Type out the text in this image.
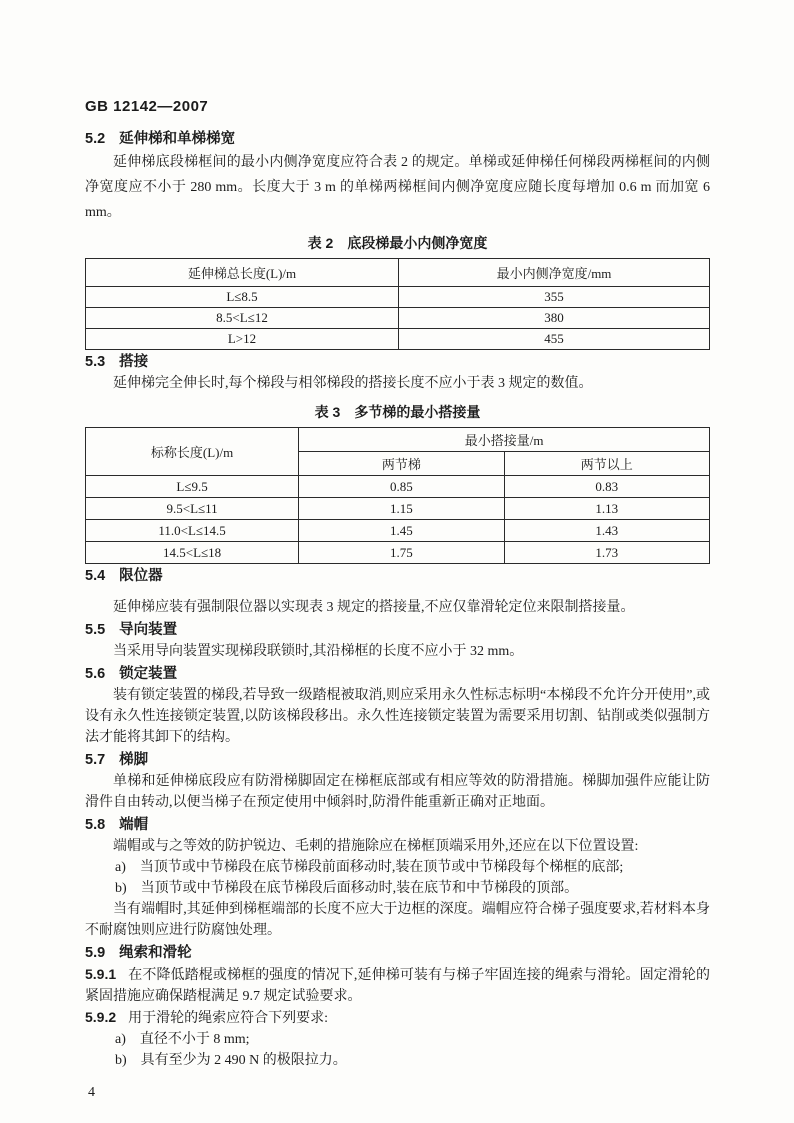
GB 12142—2007
5.2 延伸梯和单梯梯宽

延伸梯底段梯框间的最小内侧净宽度应符合表 2 的规定。单梯或延伸梯任何梯段两梯框间的内侧净宽度应不小于 280 mm。长度大于 3 m 的单梯两梯框间内侧净宽度应随长度每增加 0.6 m 而加宽 6 mm。

表 2　底段梯最小内侧净宽度
延伸梯总长度(L)/m	最小内侧净宽度/mm
L≤8.5	355
8.5<L≤12	380
L>12	455
5.3 搭接

延伸梯完全伸长时,每个梯段与相邻梯段的搭接长度不应小于表 3 规定的数值。

表 3　多节梯的最小搭接量
标称长度(L)/m	最小搭接量/m	
	两节梯	两节以上
L≤9.5	0.85	0.83
9.5<L≤11	1.15	1.13
11.0<L≤14.5	1.45	1.43
14.5<L≤18	1.75	1.73
5.4 限位器

延伸梯应装有强制限位器以实现表 3 规定的搭接量,不应仅靠滑轮定位来限制搭接量。

5.5 导向装置

当采用导向装置实现梯段联锁时,其沿梯框的长度不应小于 32 mm。

5.6 锁定装置

装有锁定装置的梯段,若导致一级踏棍被取消,则应采用永久性标志标明“本梯段不允许分开使用”,或设有永久性连接锁定装置,以防该梯段移出。永久性连接锁定装置为需要采用切割、钻削或类似强制方法才能将其卸下的结构。

5.7 梯脚

单梯和延伸梯底段应有防滑梯脚固定在梯框底部或有相应等效的防滑措施。梯脚加强件应能让防滑件自由转动,以便当梯子在预定使用中倾斜时,防滑件能重新正确对正地面。

5.8 端帽

端帽或与之等效的防护锐边、毛刺的措施除应在梯框顶端采用外,还应在以下位置设置:

a) 当顶节或中节梯段在底节梯段前面移动时,装在顶节或中节梯段每个梯框的底部;
b) 当顶节或中节梯段在底节梯段后面移动时,装在底节和中节梯段的顶部。

当有端帽时,其延伸到梯框端部的长度不应大于边框的深度。端帽应符合梯子强度要求,若材料本身不耐腐蚀则应进行防腐蚀处理。

5.9 绳索和滑轮

5.9.1 在不降低踏棍或梯框的强度的情况下,延伸梯可装有与梯子牢固连接的绳索与滑轮。固定滑轮的紧固措施应确保踏棍满足 9.7 规定试验要求。

5.9.2 用于滑轮的绳索应符合下列要求:

a) 直径不小于 8 mm;
b) 具有至少为 2 490 N 的极限拉力。
4
